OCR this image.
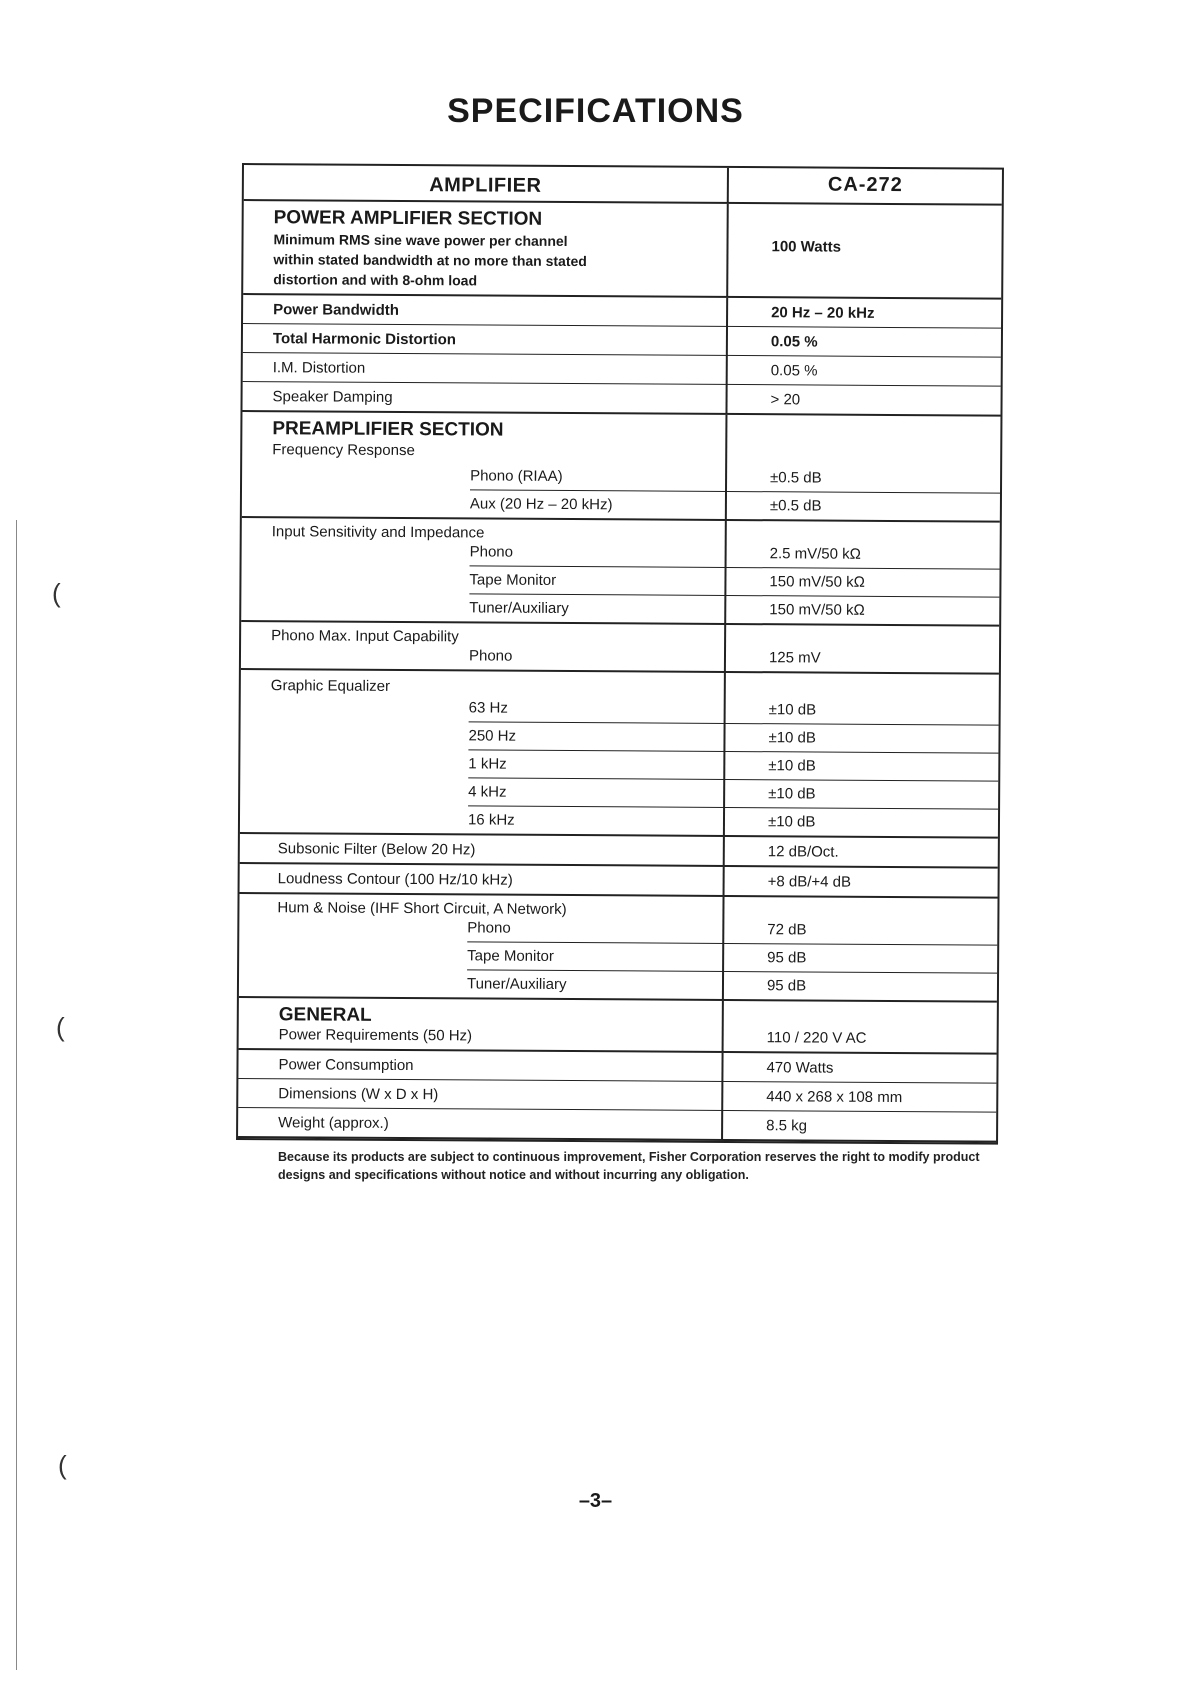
(
(
(
SPECIFICATIONS
AMPLIFIER	CA-272
POWER AMPLIFIER SECTION
Minimum RMS sine wave power per channel
within stated bandwidth at no more than stated
distortion and with 8-ohm load
100 Watts
Power Bandwidth	20 Hz – 20 kHz
Total Harmonic Distortion	0.05 %
I.M. Distortion	0.05 %
Speaker Damping	> 20
PREAMPLIFIER SECTION
Frequency Response
Phono (RIAA)	±0.5 dB
Aux (20 Hz – 20 kHz)	±0.5 dB
Input Sensitivity and Impedance
Phono	2.5 mV/50 kΩ
Tape Monitor	150 mV/50 kΩ
Tuner/Auxiliary	150 mV/50 kΩ
Phono Max. Input Capability
Phono	125 mV
Graphic Equalizer
63 Hz	±10 dB
250 Hz	±10 dB
1 kHz	±10 dB
4 kHz	±10 dB
16 kHz	±10 dB
Subsonic Filter (Below 20 Hz)	12 dB/Oct.
Loudness Contour (100 Hz/10 kHz)	+8 dB/+4 dB
Hum & Noise (IHF Short Circuit, A Network)
Phono	72 dB
Tape Monitor	95 dB
Tuner/Auxiliary	95 dB
GENERAL
Power Requirements (50 Hz)	110 / 220 V AC
Power Consumption	470 Watts
Dimensions (W x D x H)	440 x 268 x 108 mm
Weight (approx.)	8.5 kg
Because its products are subject to continuous improvement, Fisher Corporation reserves the right to modify product designs and specifications without notice and without incurring any obligation.
–3–
